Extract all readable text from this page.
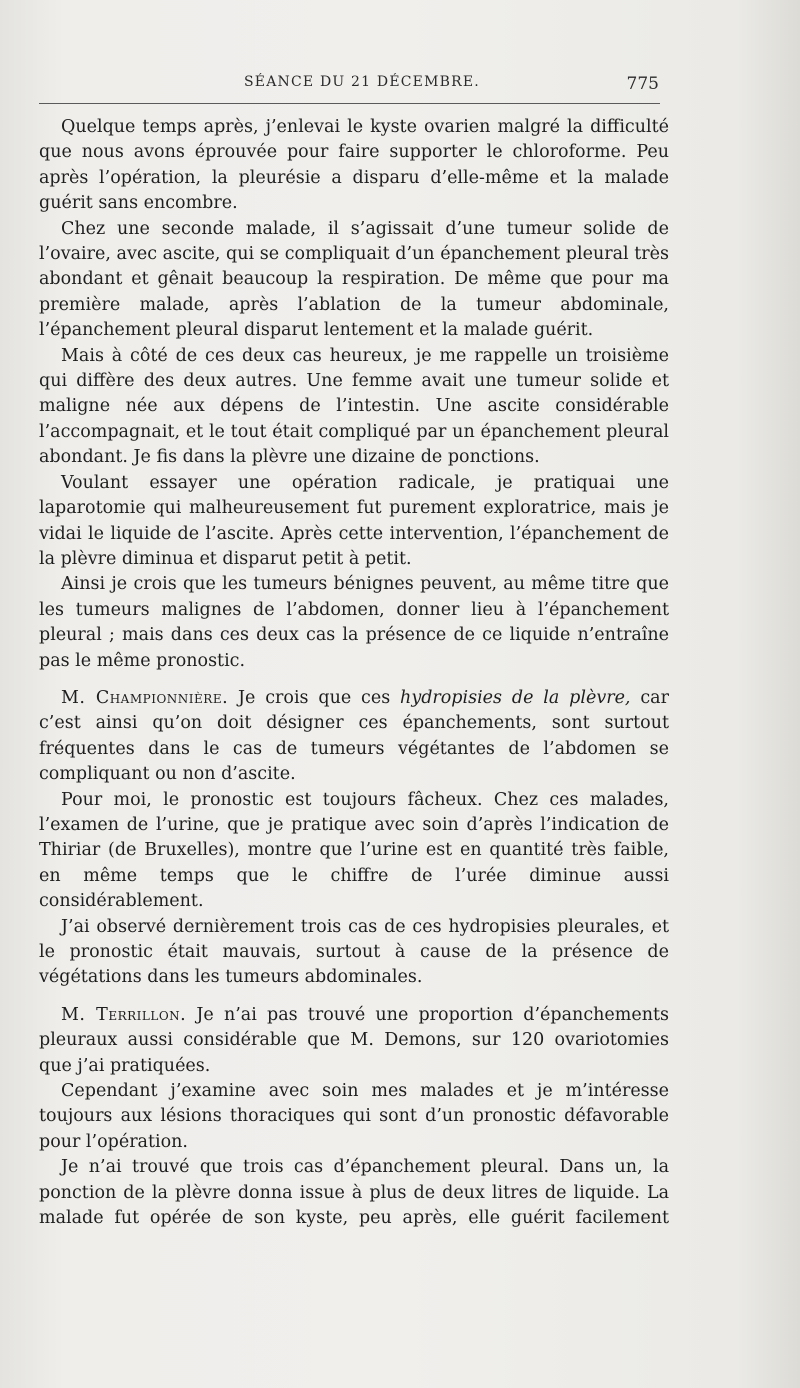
SÉANCE DU 21 DÉCEMBRE.	775

Quelque temps après, j’enlevai le kyste ovarien malgré la difficulté que nous avons éprouvée pour faire supporter le chloroforme. Peu après l’opération, la pleurésie a disparu d’elle-même et la malade guérit sans encombre.

Chez une seconde malade, il s’agissait d’une tumeur solide de l’ovaire, avec ascite, qui se compliquait d’un épanchement pleural très abondant et gênait beaucoup la respiration. De même que pour ma première malade, après l’ablation de la tumeur abdominale, l’épanchement pleural disparut lentement et la malade guérit.

Mais à côté de ces deux cas heureux, je me rappelle un troisième qui diffère des deux autres. Une femme avait une tumeur solide et maligne née aux dépens de l’intestin. Une ascite considérable l’accompagnait, et le tout était compliqué par un épanchement pleural abondant. Je fis dans la plèvre une dizaine de ponctions.

Voulant essayer une opération radicale, je pratiquai une laparotomie qui malheureusement fut purement exploratrice, mais je vidai le liquide de l’ascite. Après cette intervention, l’épanchement de la plèvre diminua et disparut petit à petit.

Ainsi je crois que les tumeurs bénignes peuvent, au même titre que les tumeurs malignes de l’abdomen, donner lieu à l’épanchement pleural ; mais dans ces deux cas la présence de ce liquide n’entraîne pas le même pronostic.

M. Championnière. Je crois que ces hydropisies de la plèvre, car c’est ainsi qu’on doit désigner ces épanchements, sont surtout fréquentes dans le cas de tumeurs végétantes de l’abdomen se compliquant ou non d’ascite.

Pour moi, le pronostic est toujours fâcheux. Chez ces malades, l’examen de l’urine, que je pratique avec soin d’après l’indication de Thiriar (de Bruxelles), montre que l’urine est en quantité très faible, en même temps que le chiffre de l’urée diminue aussi considérablement.

J’ai observé dernièrement trois cas de ces hydropisies pleurales, et le pronostic était mauvais, surtout à cause de la présence de végétations dans les tumeurs abdominales.

M. Terrillon. Je n’ai pas trouvé une proportion d’épanchements pleuraux aussi considérable que M. Demons, sur 120 ovariotomies que j’ai pratiquées.

Cependant j’examine avec soin mes malades et je m’intéresse toujours aux lésions thoraciques qui sont d’un pronostic défavorable pour l’opération.

Je n’ai trouvé que trois cas d’épanchement pleural. Dans un, la ponction de la plèvre donna issue à plus de deux litres de liquide. La malade fut opérée de son kyste, peu après, elle guérit facilement
